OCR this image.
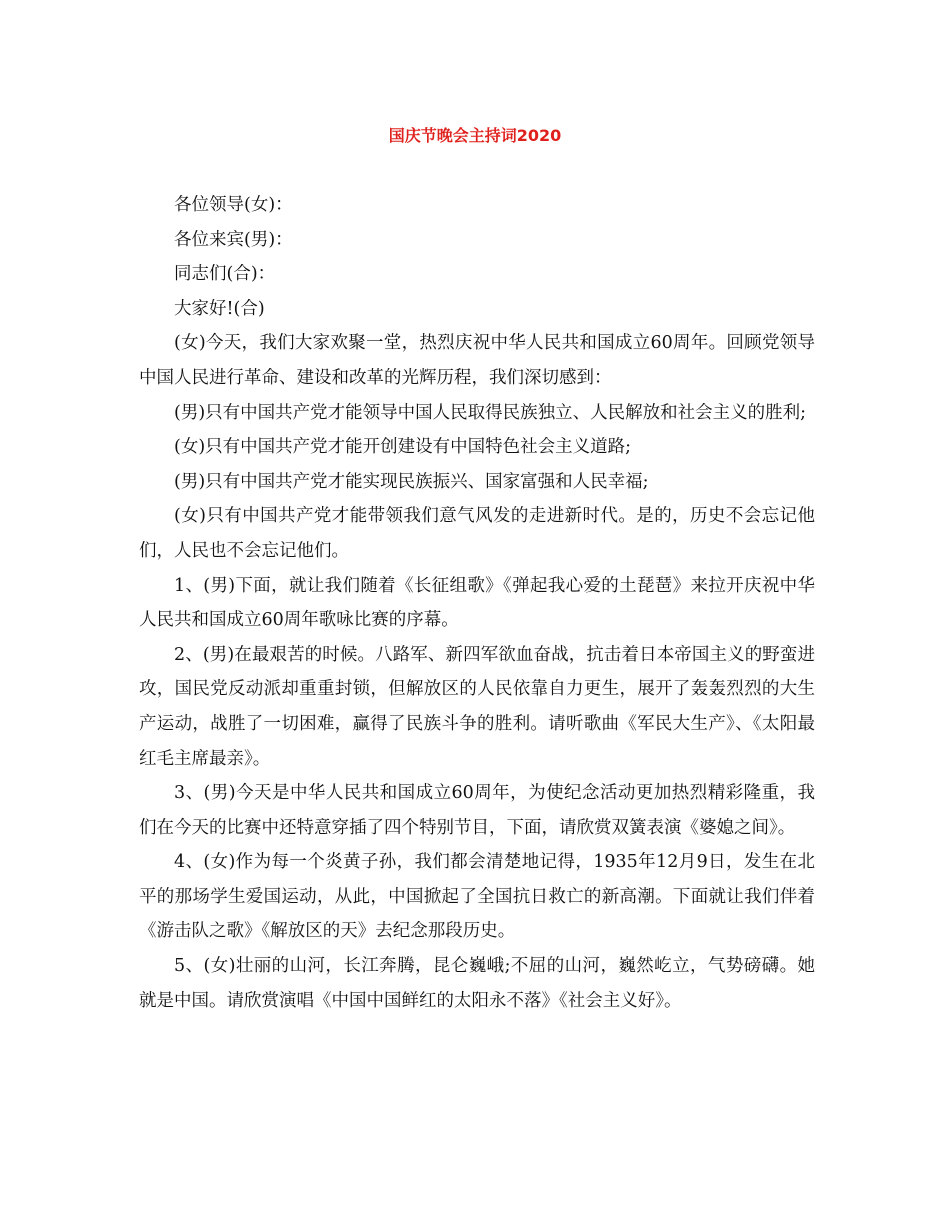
国庆节晚会主持词2020

各位领导(女)：

各位来宾(男)：

同志们(合)：

大家好!(合)

(女)今天，我们大家欢聚一堂，热烈庆祝中华人民共和国成立60周年。回顾党领导中国人民进行革命、建设和改革的光辉历程，我们深切感到：

(男)只有中国共产党才能领导中国人民取得民族独立、人民解放和社会主义的胜利;

(女)只有中国共产党才能开创建设有中国特色社会主义道路;

(男)只有中国共产党才能实现民族振兴、国家富强和人民幸福;

(女)只有中国共产党才能带领我们意气风发的走进新时代。是的，历史不会忘记他们，人民也不会忘记他们。

1、(男)下面，就让我们随着《长征组歌》《弹起我心爱的土琵琶》来拉开庆祝中华人民共和国成立60周年歌咏比赛的序幕。

2、(男)在最艰苦的时候。八路军、新四军欲血奋战，抗击着日本帝国主义的野蛮进攻，国民党反动派却重重封锁，但解放区的人民依靠自力更生，展开了轰轰烈烈的大生产运动，战胜了一切困难，赢得了民族斗争的胜利。请听歌曲《军民大生产》、《太阳最红毛主席最亲》。

3、(男)今天是中华人民共和国成立60周年，为使纪念活动更加热烈精彩隆重，我们在今天的比赛中还特意穿插了四个特别节目，下面，请欣赏双簧表演《婆媳之间》。

4、(女)作为每一个炎黄子孙，我们都会清楚地记得，1935年12月9日，发生在北平的那场学生爱国运动，从此，中国掀起了全国抗日救亡的新高潮。下面就让我们伴着《游击队之歌》《解放区的天》去纪念那段历史。

5、(女)壮丽的山河，长江奔腾，昆仑巍峨;不屈的山河，巍然屹立，气势磅礴。她就是中国。请欣赏演唱《中国中国鲜红的太阳永不落》《社会主义好》。
